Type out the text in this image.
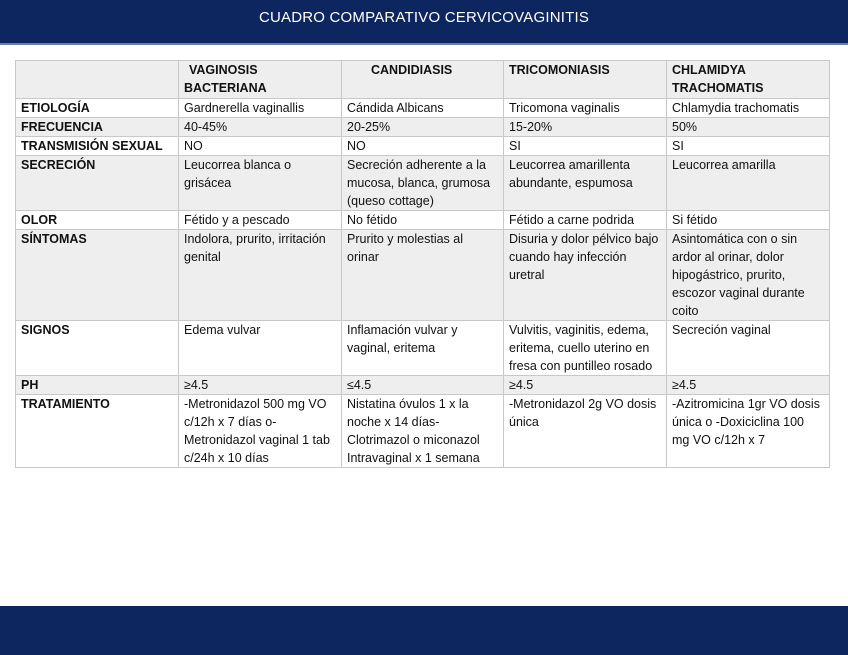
CUADRO COMPARATIVO CERVICOVAGINITIS
	VAGINOSIS BACTERIANA	CANDIDIASIS	TRICOMONIASIS	CHLAMIDYA TRACHOMATIS
ETIOLOGÍA	Gardnerella vaginallis	Cándida Albicans	Tricomona vaginalis	Chlamydia trachomatis
FRECUENCIA	40-45%	20-25%	15-20%	50%
TRANSMISIÓN SEXUAL	NO	NO	SI	SI
SECRECIÓN	Leucorrea blanca o grisácea	Secreción adherente a la mucosa, blanca, grumosa (queso cottage)	Leucorrea amarillenta abundante, espumosa	Leucorrea amarilla
OLOR	Fétido y a pescado	No fétido	Fétido a carne podrida	Si fétido
SÍNTOMAS	Indolora, prurito, irritación genital	Prurito y molestias al orinar	Disuria y dolor pélvico bajo cuando hay infección uretral	Asintomática con o sin ardor al orinar, dolor hipogástrico, prurito, escozor vaginal durante coito
SIGNOS	Edema vulvar	Inflamación vulvar y vaginal, eritema	Vulvitis, vaginitis, edema, eritema, cuello uterino en fresa con puntilleo rosado	Secreción vaginal
PH	≥4.5	≤4.5	≥4.5	≥4.5
TRATAMIENTO	-Metronidazol 500 mg VO c/12h x 7 días o-Metronidazol vaginal 1 tab c/24h x 10 días	Nistatina óvulos 1 x la noche x 14 días-Clotrimazol o miconazol Intravaginal x 1 semana	-Metronidazol 2g VO dosis única	-Azitromicina 1gr VO dosis única o -Doxiciclina 100 mg VO c/12h x 7
